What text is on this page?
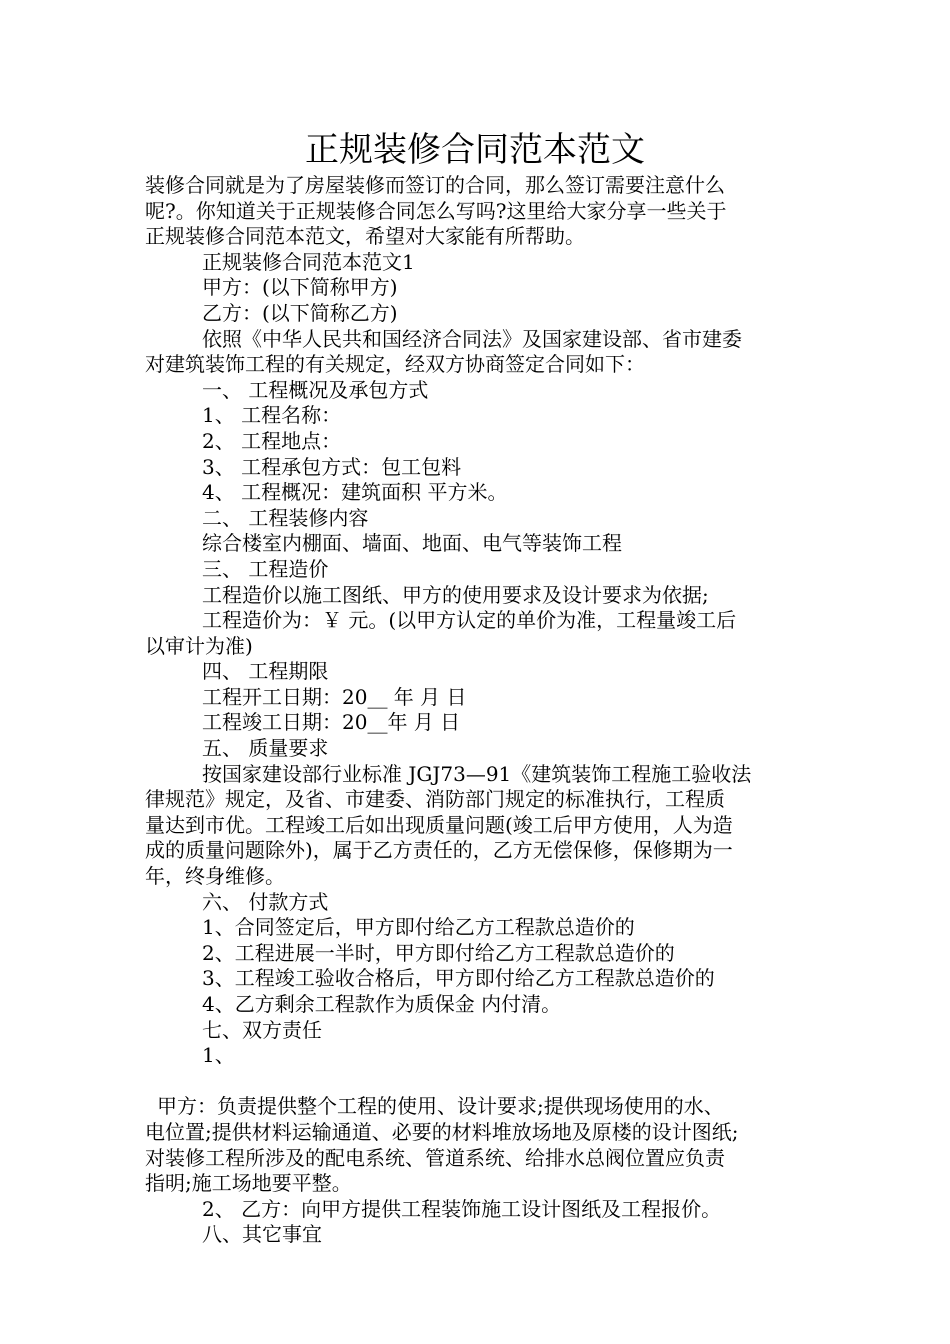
正规装修合同范本范文

装修合同就是为了房屋装修而签订的合同，那么签订需要注意什么

呢?。你知道关于正规装修合同怎么写吗?这里给大家分享一些关于

正规装修合同范本范文，希望对大家能有所帮助。

正规装修合同范本范文1

甲方：(以下简称甲方)

乙方：(以下简称乙方)

依照《中华人民共和国经济合同法》及国家建设部、省市建委

对建筑装饰工程的有关规定，经双方协商签定合同如下：

一、 工程概况及承包方式

1、 工程名称：

2、 工程地点：

3、 工程承包方式：包工包料

4、 工程概况：建筑面积 平方米。

二、 工程装修内容

综合楼室内棚面、墙面、地面、电气等装饰工程

三、 工程造价

工程造价以施工图纸、甲方的使用要求及设计要求为依据;

工程造价为：￥ 元。(以甲方认定的单价为准，工程量竣工后

以审计为准)

四、 工程期限

工程开工日期：20__ 年 月 日

工程竣工日期：20__年 月 日

五、 质量要求

按国家建设部行业标准 JGJ73—91《建筑装饰工程施工验收法

律规范》规定，及省、市建委、消防部门规定的标准执行，工程质

量达到市优。工程竣工后如出现质量问题(竣工后甲方使用，人为造

成的质量问题除外)，属于乙方责任的，乙方无偿保修，保修期为一

年，终身维修。

六、 付款方式

1、合同签定后，甲方即付给乙方工程款总造价的

2、工程进展一半时，甲方即付给乙方工程款总造价的

3、工程竣工验收合格后，甲方即付给乙方工程款总造价的

4、乙方剩余工程款作为质保金 内付清。

七、双方责任

1、

甲方：负责提供整个工程的使用、设计要求;提供现场使用的水、

电位置;提供材料运输通道、必要的材料堆放场地及原楼的设计图纸;

对装修工程所涉及的配电系统、管道系统、给排水总阀位置应负责

指明;施工场地要平整。

2、 乙方：向甲方提供工程装饰施工设计图纸及工程报价。

八、其它事宜
